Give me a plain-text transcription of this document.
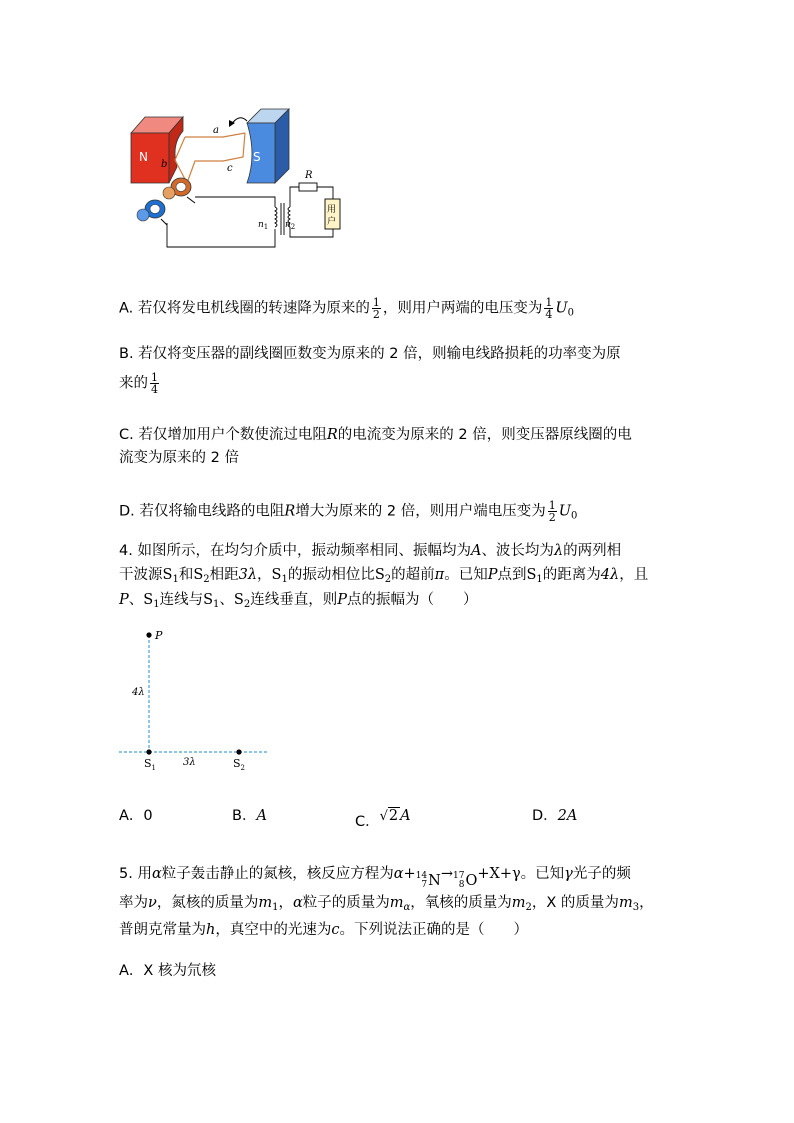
N	S
a
b	c
$n_1$ $n_2$
R
用
户
A. 若仅将发电机线圈的转速降为原来的 $\frac{1}{2}$ ，则用户两端的电压变为 $\frac{1}{4} U_0$
B. 若仅将变压器的副线圈匝数变为原来的 2 倍，则输电线路损耗的功率变为原
来的 $\frac{1}{4}$
C. 若仅增加用户个数使流过电阻R的电流变为原来的 2 倍，则变压器原线圈的电
流变为原来的 2 倍
D. 若仅将输电线路的电阻R增大为原来的 2 倍，则用户端电压变为 $\frac{1}{2} U_0$
4. 如图所示，在均匀介质中，振动频率相同、振幅均为A、波长均为λ的两列相
干波源$S_1$和$S_2$相距3λ，$S_1$的振动相位比$S_2$的超前π。已知P点到$S_1$的距离为4λ，且
P、$S_1$连线与$S_1$、$S_2$连线垂直，则P点的振幅为（　　）
P
4λ
3λ
$S_1$	$S_2$
A．0	B．A	C．√2 A	D．2A
5. 用α粒子轰击静止的氮核，核反应方程为α+ 14
7 N → 17
8 O +X+γ。已知γ光子的频
率为ν，氮核的质量为$m_1$，α粒子的质量为$m_\alpha$，氧核的质量为$m_2$，X 的质量为$m_3$，
普朗克常量为h，真空中的光速为c。下列说法正确的是（　　）
A．X 核为氘核
